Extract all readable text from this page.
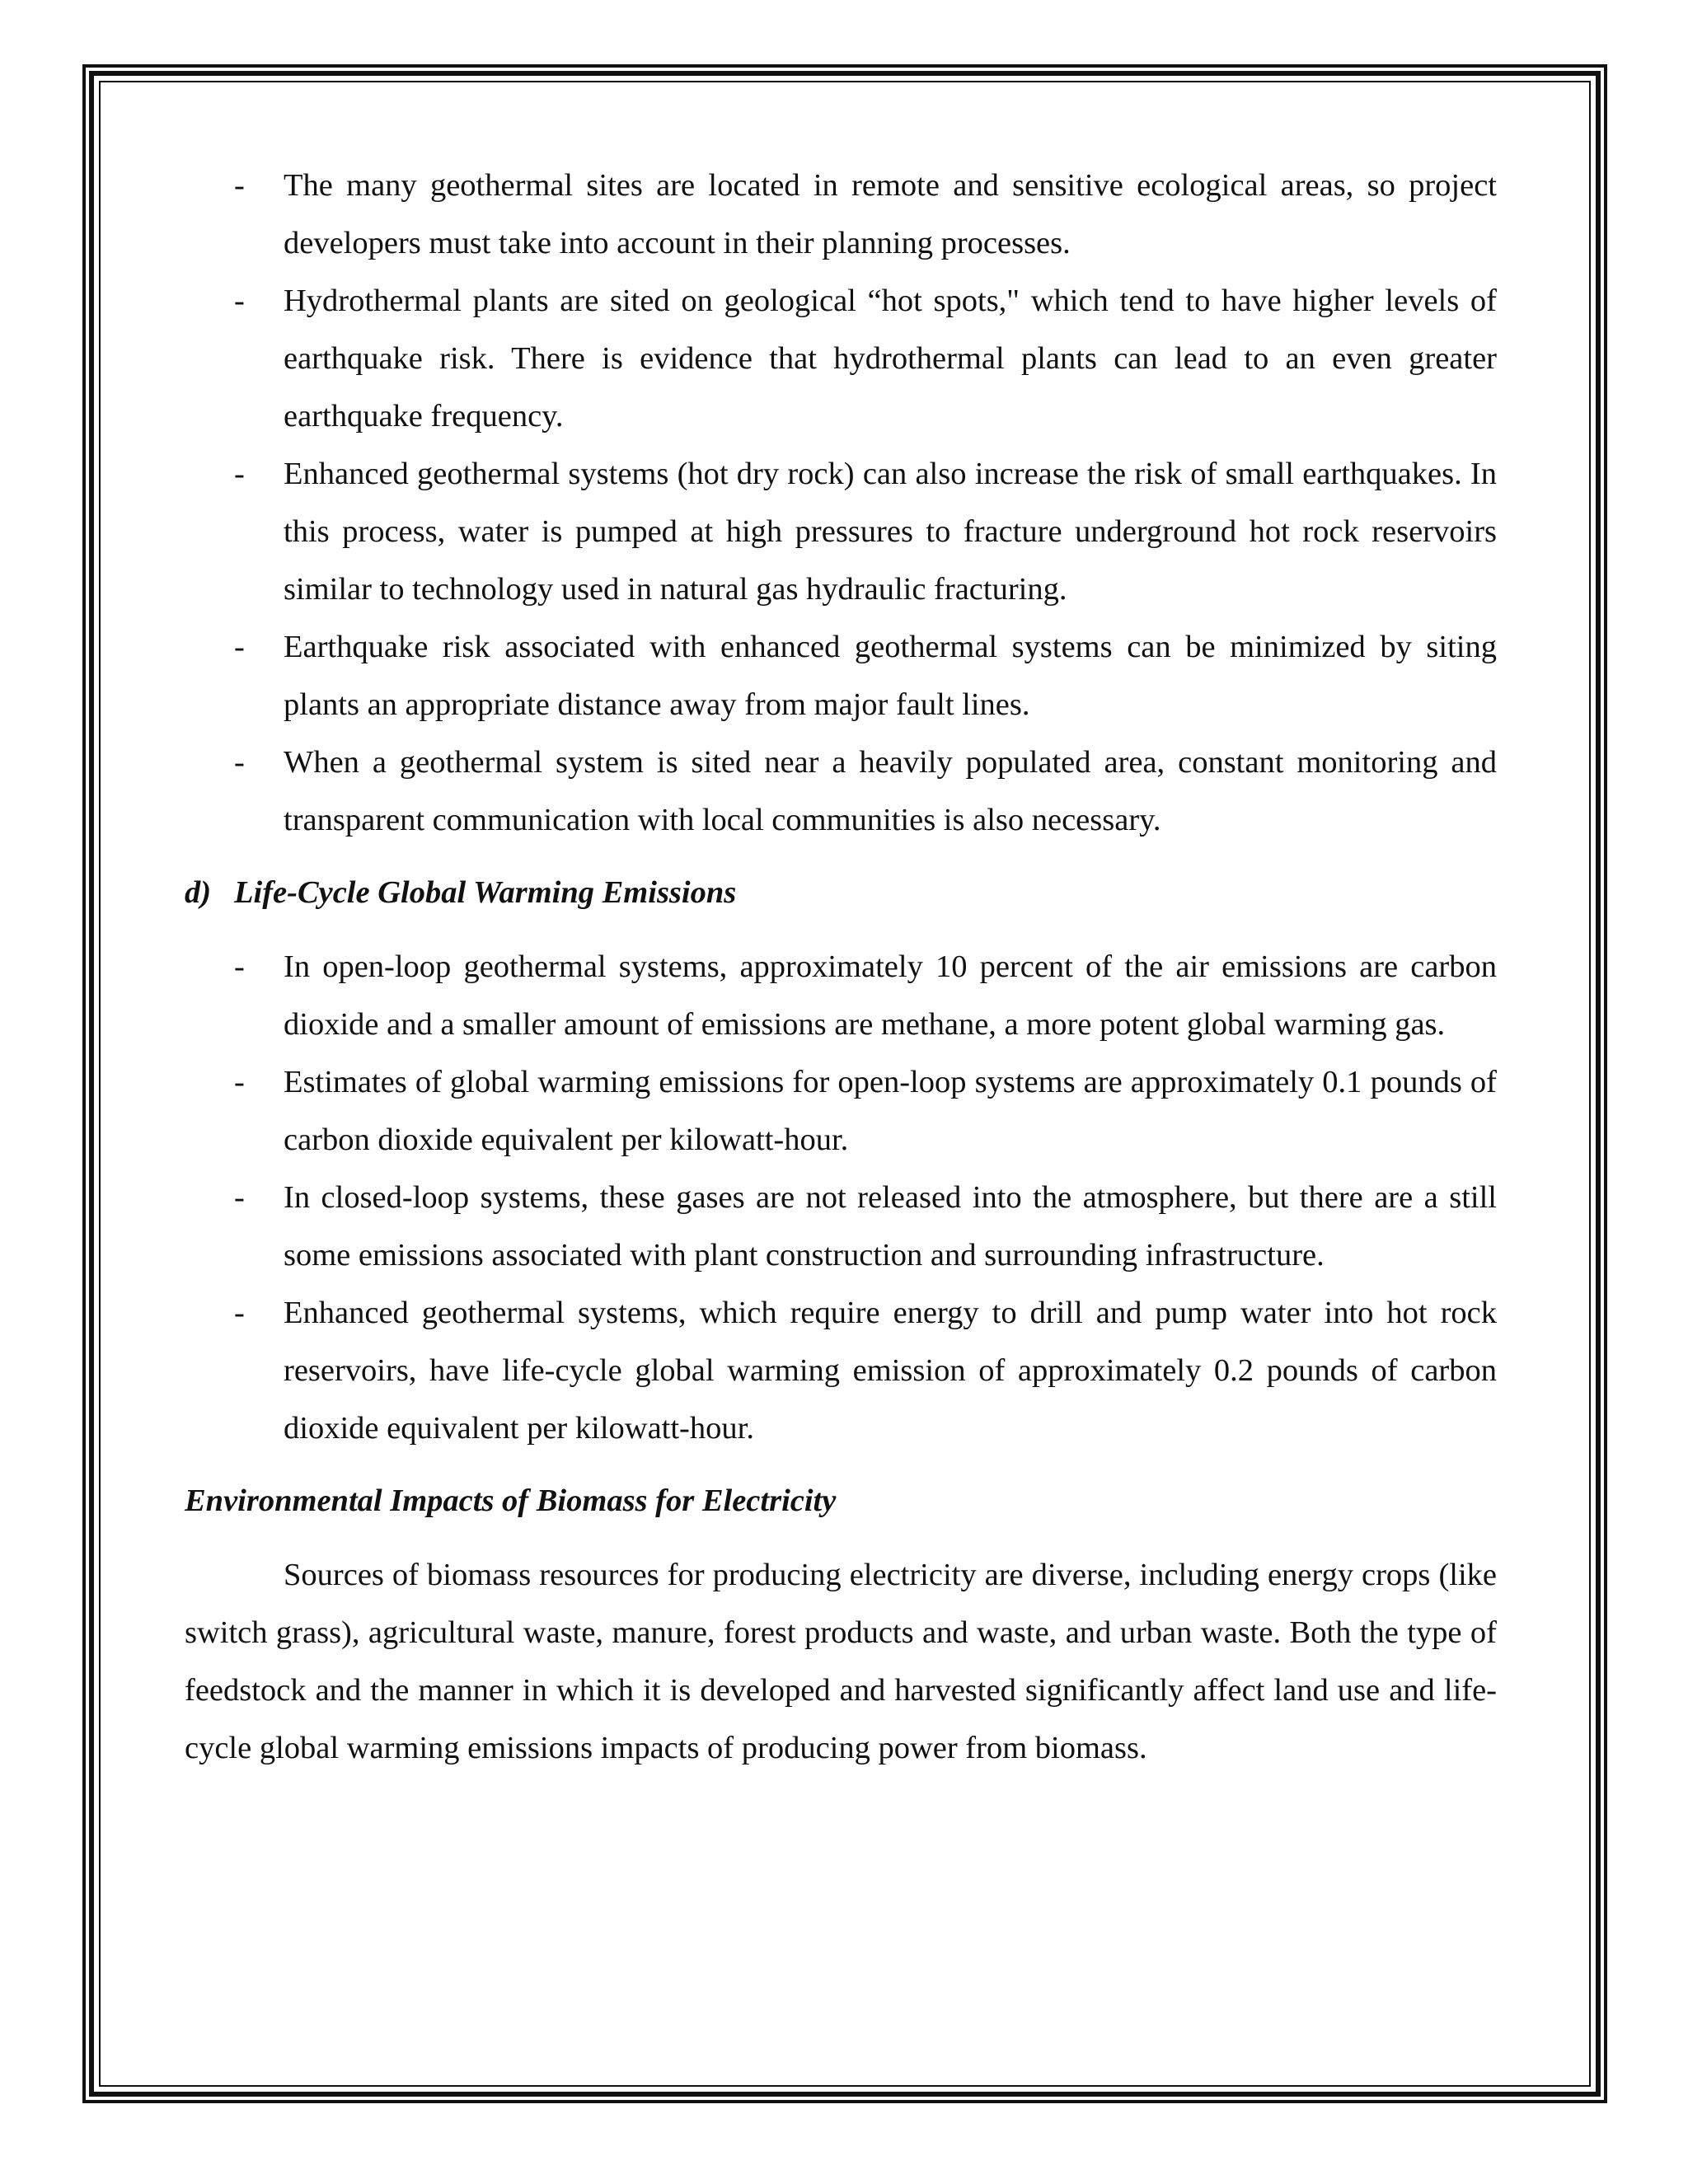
-	The many geothermal sites are located in remote and sensitive ecological areas, so project developers must take into account in their planning processes.
-	Hydrothermal plants are sited on geological “hot spots," which tend to have higher levels of earthquake risk. There is evidence that hydrothermal plants can lead to an even greater earthquake frequency.
-	Enhanced geothermal systems (hot dry rock) can also increase the risk of small earthquakes. In this process, water is pumped at high pressures to fracture underground hot rock reservoirs similar to technology used in natural gas hydraulic fracturing.
-	Earthquake risk associated with enhanced geothermal systems can be minimized by siting plants an appropriate distance away from major fault lines.
-	When a geothermal system is sited near a heavily populated area, constant monitoring and transparent communication with local communities is also necessary.
d) Life-Cycle Global Warming Emissions
-	In open-loop geothermal systems, approximately 10 percent of the air emissions are carbon dioxide and a smaller amount of emissions are methane, a more potent global warming gas.
-	Estimates of global warming emissions for open-loop systems are approximately 0.1 pounds of carbon dioxide equivalent per kilowatt-hour.
-	In closed-loop systems, these gases are not released into the atmosphere, but there are a still some emissions associated with plant construction and surrounding infrastructure.
-	Enhanced geothermal systems, which require energy to drill and pump water into hot rock reservoirs, have life-cycle global warming emission of approximately 0.2 pounds of carbon dioxide equivalent per kilowatt-hour.
Environmental Impacts of Biomass for Electricity

Sources of biomass resources for producing electricity are diverse, including energy crops (like switch grass), agricultural waste, manure, forest products and waste, and urban waste. Both the type of feedstock and the manner in which it is developed and harvested significantly affect land use and life-cycle global warming emissions impacts of producing power from biomass.
